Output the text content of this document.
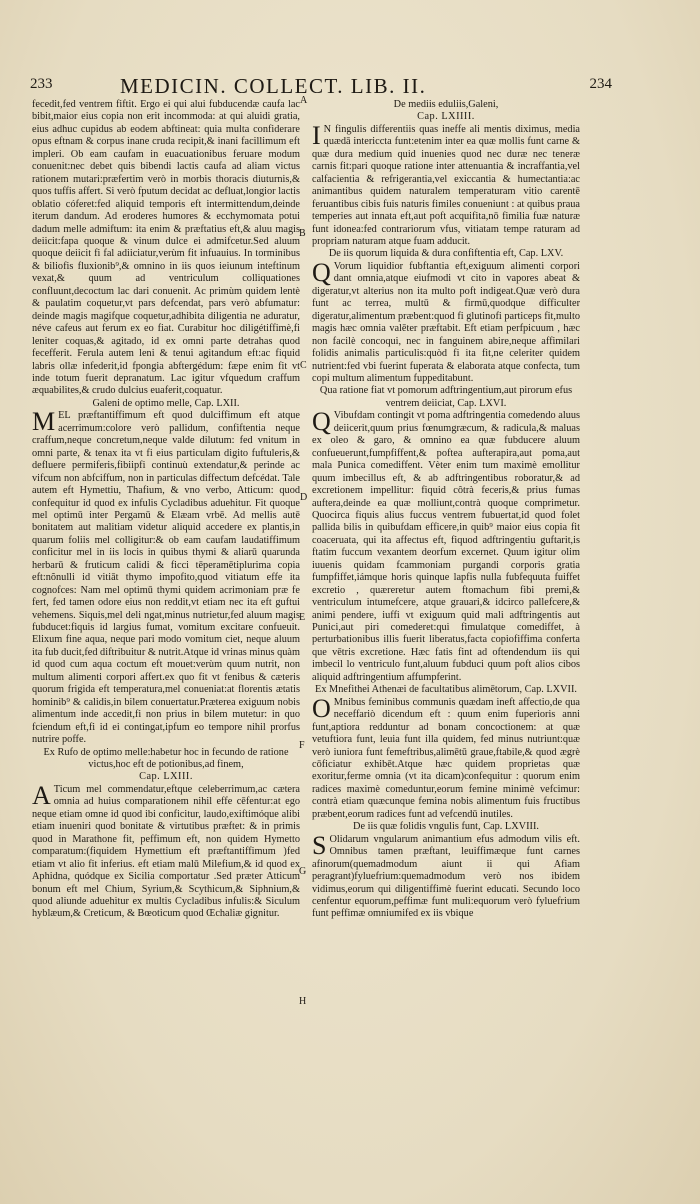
233	MEDICIN. COLLECT. LIB. II.	234
A
B
C
D
E
F
G
H

fecedit,fed ventrem fiftit. Ergo ei qui alui fubducendæ caufa lac bibit,maior eius copia non erit incommoda: at qui aluidi gratia, eius adhuc cupidus ab eodem abftineat: quia multa confiderare opus eftnam & corpus inane cruda recipit,& inani facillimum eft impleri. Ob eam caufam in euacuationibus feruare modum conuenit:nec debet quis bibendi lactis caufa ad aliam victus rationem mutari:præfertim verò in morbis thoracis diuturnis,& quos tuffis affert. Si verò fputum decidat ac defluat,longior lactis oblatio cóferet:fed aliquid temporis eft intermittendum,deinde iterum dandum. Ad eroderes humores & ecchymomata potui dadum melle admiftum: ita enim & præftatius eft,& aluu magis deiicit:fapa quoque & vinum dulce ei admifcetur.Sed aluum quoque deiicit fi fal adiiciatur,verùm fit infuauius. In torminibus & biliofis fluxionib⁹,& omnino in iis quos ieiunum inteftinum vexat,& quum ad ventriculum colliquationes confluunt,decoctum lac dari conuenit. Ac primùm quidem lentè & paulatim coquetur,vt pars defcendat, pars verò abfumatur: deinde magis magifque coquetur,adhibita diligentia ne aduratur, néve cafeus aut ferum ex eo fiat. Curabitur hoc diligétiffimè,fi leniter coquas,& agitado, id ex omni parte detrahas quod fecefferit. Ferula autem leni & tenui agitandum eft:ac fiquid labris ollæ infederit,id fpongia abftergédum: fæpe enim fit vt inde totum fuerit depranatum. Lac igitur vfquedum craffum æquabilites,& crudo dulcius euaferit,coquatur.

Galeni de optimo melle, Cap. LXII.

MEL præftantiffimum eft quod dulciffimum eft atque acerrimum:colore verò pallidum, confiftentia neque craffum,neque concretum,neque valde dilutum: fed vnitum in omni parte, & tenax ita vt fi eius particulam digito fuftuleris,& defluere permiferis,fibiipfi continuù extendatur,& perinde ac vifcum non abfciffum, non in particulas diffectum defcédat. Tale autem eft Hymettiu, Thafium, & vno verbo, Atticum: quod confequitur id quod ex infulis Cycladibus aduehitur. Fit quoque mel optimū inter Pergamū & Elæam vrbē. Ad mellis autē bonitatem aut malitiam videtur aliquid accedere ex plantis,in quarum foliis mel colligitur:& ob eam caufam laudatiffimum conficitur mel in iis locis in quibus thymi & aliarū quarunda herbarū & fruticum calidi & ficci tēperamētiplurima copia eft:nõnulli id vitiāt thymo impofito,quod vitiatum effe ita cognofces: Nam mel optimū thymi quidem acrimoniam præ fe fert, fed tamen odore eius non reddit,vt etiam nec ita eft guftui vehemens. Siquis,mel deli ngat,minus nutrietur,fed aluum magis fubducet:fiquis id largius fumat, vomitum excitare confueuit. Elixum fine aqua, neque pari modo vomitum ciet, neque aluum ita fub ducit,fed diftribuitur & nutrit.Atque id vrinas minus quàm id quod cum aqua coctum eft mouet:verùm quum nutrit, non multum alimenti corpori affert.ex quo fit vt fenibus & cæteris quorum frigida eft temperatura,mel conueniat:at florentis ætatis hominib⁹ & calidis,in bilem conuertatur.Præterea exiguum nobis alimentum inde accedit,fi non prius in bilem mutetur: in quo fciendum eft,fi id ei contingat,ipfum eo tempore nihil prorfus nutrire poffe.

Ex Rufo de optimo melle:habetur hoc in fecundo de ratione victus,hoc eft de potionibus,ad finem,

Cap. LXIII.

A Ticum mel commendatur,eftque celeberrimum,ac cætera omnia ad huius comparationem nihil effe cēfentur:at ego neque etiam omne id quod ibi conficitur, laudo,exiftimóque alibi etiam inueniri quod bonitate & virtutibus præftet: & in primis quod in Marathone fit, peffimum eft, non quidem Hymetto comparatum:(fiquidem Hymettium eft præftantiffimum )fed etiam vt alio fit inferius. eft etiam malū Milefium,& id quod ex Aphidna, quódque ex Sicilia comportatur .Sed præter Atticum bonum eft mel Chium, Syrium,& Scythicum,& Siphnium,& quod aliunde aduehitur ex multis Cycladibus infulis:& Siculum hyblæum,& Creticum, & Bœoticum quod Œchaliæ gignitur.

De mediis eduliis,Galeni,

Cap. LXIIII.

I N fingulis differentiis quas ineffe ali mentis diximus, media quædā intericcta funt:etenim inter ea quæ mollis funt carne & quæ dura medium quid inuenies quod nec duræ nec teneræ carnis fit:pari quoque ratione inter attenuantia & incraffantia,vel calfacientia & refrigerantia,vel exiccantia & humectantia:ac animantibus quidem naturalem temperaturam vitio carentē feruantibus cibis fuis naturis fimiles conueniunt : at quibus praua temperies aut innata eft,aut poft acquifita,nō fimilia fuæ naturæ funt idonea:fed contrariorum vfus, vitiatam tempe raturam ad propriam naturam atque fuam adducit.

De iis quorum liquida & dura confiftentia eft, Cap. LXV.

Q Vorum liquidior fubftantia eft,exiguum alimenti corpori dant omnia,atque eiufmodi vt cito in vapores abeat & digeratur,vt alterius non ita multo poft indigeat.Quæ verò dura funt ac terrea, multū & firmū,quodque difficulter digeratur,alimentum præbent:quod fi glutinofi particeps fit,multo magis hæc omnia valēter præftabit. Eft etiam perfpicuum , hæc non facilè concoqui, nec in fanguinem abire,neque affimilari folidis animalis particulis:quòd fi ita fit,ne celeriter quidem nutrient:fed vbi fuerint fuperata & elaborata atque confecta, tum copi multum alimentum fuppeditabunt.

Qua ratione fiat vt pomorum adftringentium,aut pirorum efus ventrem deiiciat, Cap. LXVI.

Q Vibufdam contingit vt poma adftringentia comedendo aluus deiicerit,quum prius fœnumgræcum, & radicula,& maluas ex oleo & garo, & omnino ea quæ fubducere aluum confueuerunt,fumpfiffent,& poftea aufterapira,aut poma,aut mala Punica comediffent. Vèter enim tum maximè emollitur quum imbecillus eft, & ab adftringentibus roboratur,& ad excretionem impellitur: fiquid côtrà feceris,& prius fumas auftera,deinde ea quæ molliunt,contrà quoque comprimetur. Quocirca fiquis alius fuccus ventrem fubuertat,id quod folet pallida bilis in quibufdam efficere,in quib⁹ maior eius copia fit coaceruata, qui ita affectus eft, fiquod adftringentiu guftarit,is ftatim fuccum vexantem deorfum excernet. Quum igitur olim iuuenis quidam fcammoniam purgandi corporis gratia fumpfiffet,iámque horis quinque lapfis nulla fubfequuta fuiffet excretio , quæreretur autem ftomachum fibi premi,& ventriculum intumefcere, atque grauari,& idcirco pallefcere,& animi pendere, iuffi vt exiguum quid mali adftringentis aut Punici,aut piri comederet:qui fimulatque comediffet, à perturbationibus illis fuerit liberatus,facta copiofiffima conferta que vētris excretione. Hæc fatis fint ad oftendendum iis qui imbecil lo ventriculo funt,aluum fubduci quum poft alios cibos aliquid adftringentium affumpferint.

Ex Mnefithei Athenæi de facultatibus alimētorum, Cap. LXVII.

O Mnibus feminibus communis quædam ineft affectio,de qua neceffariò dicendum eft : quum enim fuperioris anni funt,aptiora redduntur ad bonam concoctionem: at quæ vetuftiora funt, leuia funt illa quidem, fed minus nutriunt:quæ verò iuniora funt femeftribus,alimētū graue,ftabile,& quod ægrè cōficiatur exhibēt.Atque hæc quidem proprietas quæ exoritur,ferme omnia (vt ita dicam)confequitur : quorum enim radices maximè comeduntur,eorum femine minimè vefcimur: contrà etiam quæcunque femina nobis alimentum fuis fructibus præbent,eorum radices funt ad vefcendū inutiles.

De iis quæ folidis vngulis funt, Cap. LXVIII.

S Olidarum vngularum animantium efus admodum vilis eft. Omnibus tamen præftant, leuiffimæque funt carnes afinorum(quemadmodum aiunt ii qui Afiam peragrant)fyluefrium:quemadmodum verò nos ibidem vidimus,eorum qui diligentiffimè fuerint educati. Secundo loco cenfentur equorum,peffimæ funt muli:equorum verò fyluefrium funt peffimæ omniumifed ex iis vbique
